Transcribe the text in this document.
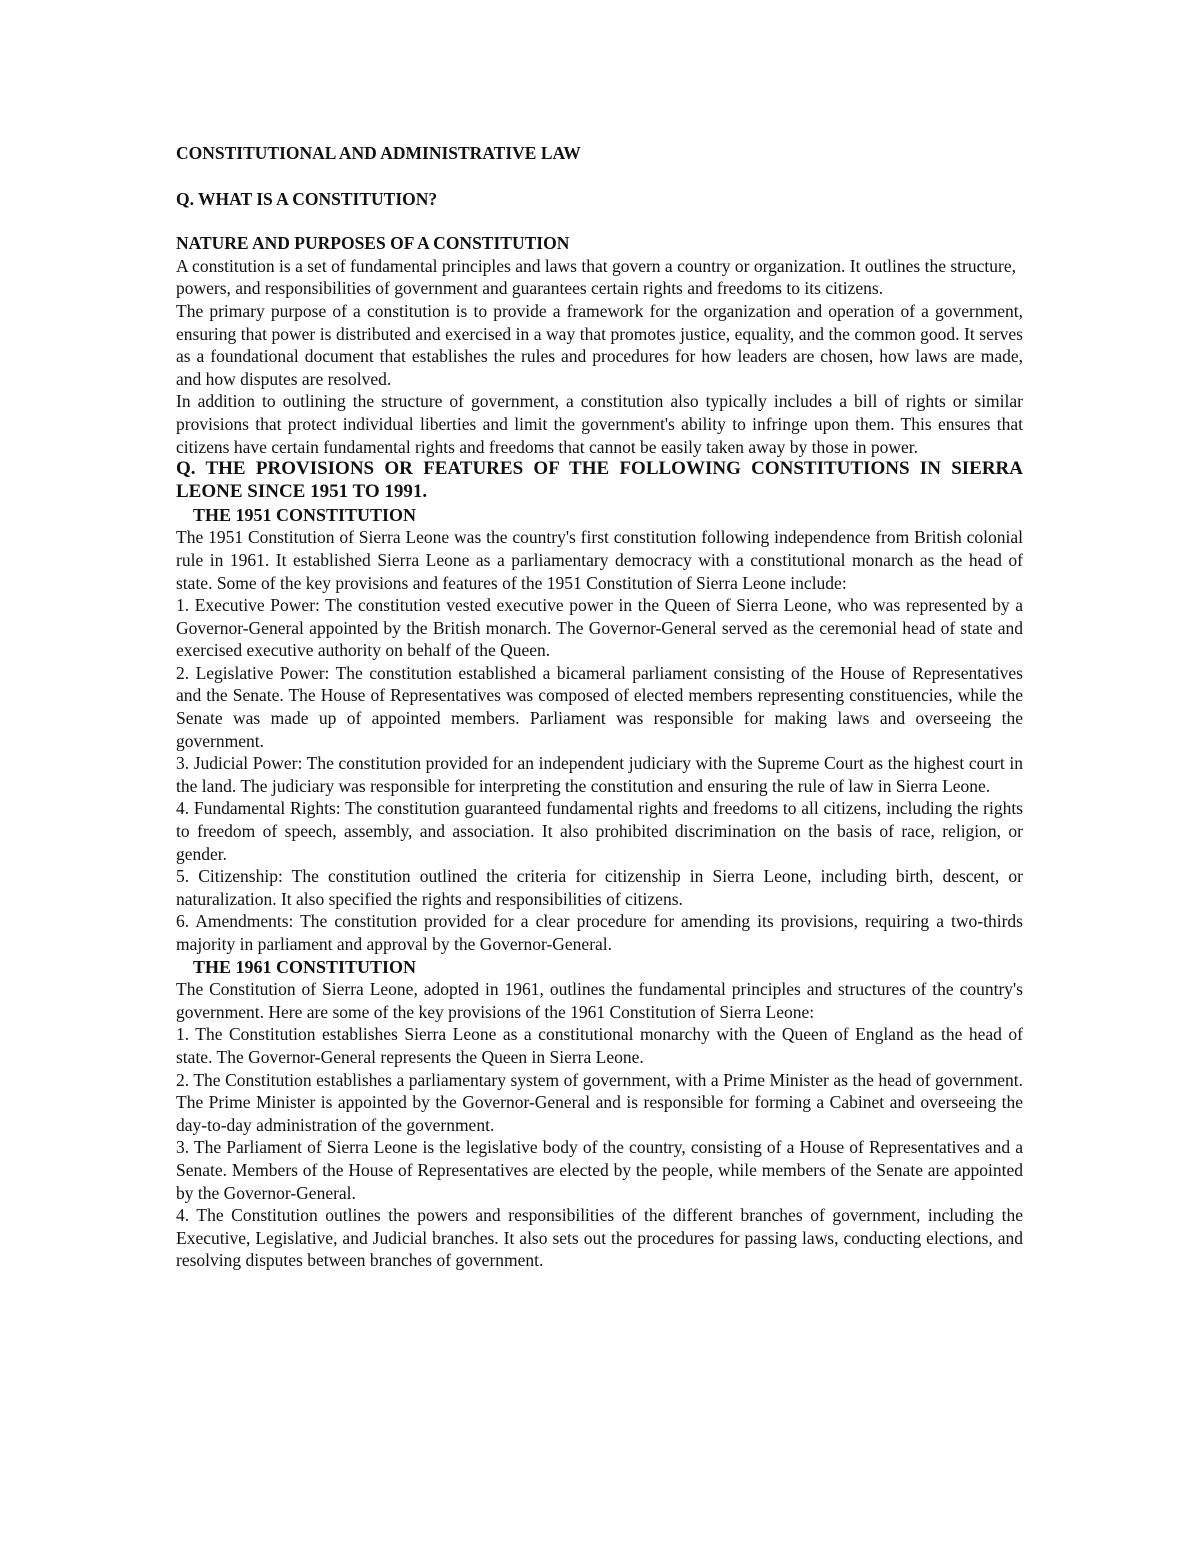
CONSTITUTIONAL AND ADMINISTRATIVE LAW

Q. WHAT IS A CONSTITUTION?

NATURE AND PURPOSES OF A CONSTITUTION

A constitution is a set of fundamental principles and laws that govern a country or organization. It outlines the structure, powers, and responsibilities of government and guarantees certain rights and freedoms to its citizens.

The primary purpose of a constitution is to provide a framework for the organization and operation of a government, ensuring that power is distributed and exercised in a way that promotes justice, equality, and the common good. It serves as a foundational document that establishes the rules and procedures for how leaders are chosen, how laws are made, and how disputes are resolved.

In addition to outlining the structure of government, a constitution also typically includes a bill of rights or similar provisions that protect individual liberties and limit the government's ability to infringe upon them. This ensures that citizens have certain fundamental rights and freedoms that cannot be easily taken away by those in power.

Q. THE PROVISIONS OR FEATURES OF THE FOLLOWING CONSTITUTIONS IN SIERRA LEONE SINCE 1951 TO 1991.

THE 1951 CONSTITUTION

The 1951 Constitution of Sierra Leone was the country's first constitution following independence from British colonial rule in 1961. It established Sierra Leone as a parliamentary democracy with a constitutional monarch as the head of state. Some of the key provisions and features of the 1951 Constitution of Sierra Leone include:

1. Executive Power: The constitution vested executive power in the Queen of Sierra Leone, who was represented by a Governor-General appointed by the British monarch. The Governor-General served as the ceremonial head of state and exercised executive authority on behalf of the Queen.

2. Legislative Power: The constitution established a bicameral parliament consisting of the House of Representatives and the Senate. The House of Representatives was composed of elected members representing constituencies, while the Senate was made up of appointed members. Parliament was responsible for making laws and overseeing the government.

3. Judicial Power: The constitution provided for an independent judiciary with the Supreme Court as the highest court in the land. The judiciary was responsible for interpreting the constitution and ensuring the rule of law in Sierra Leone.

4. Fundamental Rights: The constitution guaranteed fundamental rights and freedoms to all citizens, including the rights to freedom of speech, assembly, and association. It also prohibited discrimination on the basis of race, religion, or gender.

5. Citizenship: The constitution outlined the criteria for citizenship in Sierra Leone, including birth, descent, or naturalization. It also specified the rights and responsibilities of citizens.

6. Amendments: The constitution provided for a clear procedure for amending its provisions, requiring a two-thirds majority in parliament and approval by the Governor-General.

THE 1961 CONSTITUTION

The Constitution of Sierra Leone, adopted in 1961, outlines the fundamental principles and structures of the country's government. Here are some of the key provisions of the 1961 Constitution of Sierra Leone:

1. The Constitution establishes Sierra Leone as a constitutional monarchy with the Queen of England as the head of state. The Governor-General represents the Queen in Sierra Leone.

2. The Constitution establishes a parliamentary system of government, with a Prime Minister as the head of government. The Prime Minister is appointed by the Governor-General and is responsible for forming a Cabinet and overseeing the day-to-day administration of the government.

3. The Parliament of Sierra Leone is the legislative body of the country, consisting of a House of Representatives and a Senate. Members of the House of Representatives are elected by the people, while members of the Senate are appointed by the Governor-General.

4. The Constitution outlines the powers and responsibilities of the different branches of government, including the Executive, Legislative, and Judicial branches. It also sets out the procedures for passing laws, conducting elections, and resolving disputes between branches of government.
